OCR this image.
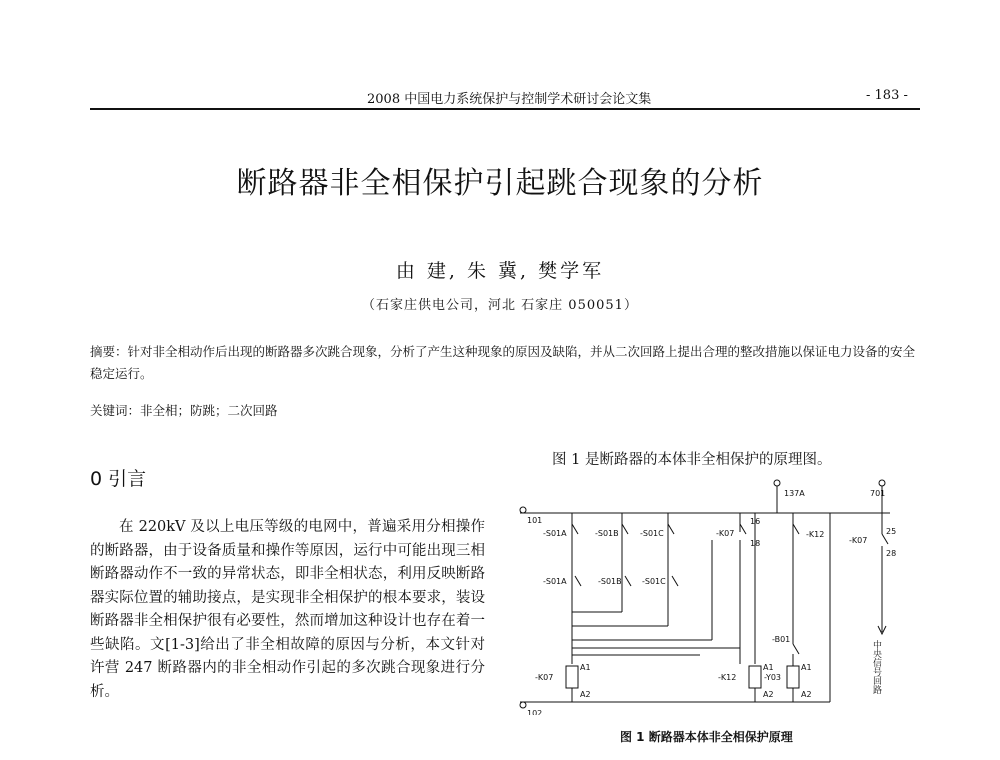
2008 中国电力系统保护与控制学术研讨会论文集	- 183 -
断路器非全相保护引起跳合现象的分析
由 建, 朱 冀, 樊学军
（石家庄供电公司，河北 石家庄 050051）
摘要：针对非全相动作后出现的断路器多次跳合现象，分析了产生这种现象的原因及缺陷，并从二次回路上提出合理的整改措施以保证电力设备的安全稳定运行。
关键词：非全相；防跳；二次回路
0 引言
在 220kV 及以上电压等级的电网中，普遍采用分相操作的断路器，由于设备质量和操作等原因，运行中可能出现三相断路器动作不一致的异常状态，即非全相状态，利用反映断路器实际位置的辅助接点，是实现非全相保护的根本要求，装设断路器非全相保护很有必要性，然而增加这种设计也存在着一些缺陷。文[1-3]给出了非全相故障的原因与分析，本文针对许营 247 断路器内的非全相动作引起的多次跳合现象进行分析。
图 1 是断路器的本体非全相保护的原理图。
101
102
137A	701
-S01A	-S01B	-S01C	-K07
-S01A	-S01B	-S01C
16
18
-K12
-K07
25
28
-B01
-K07	-K12	-Y03
A1
A2
A1
A2
A1
A2
中央信号回路
图 1 断路器本体非全相保护原理
